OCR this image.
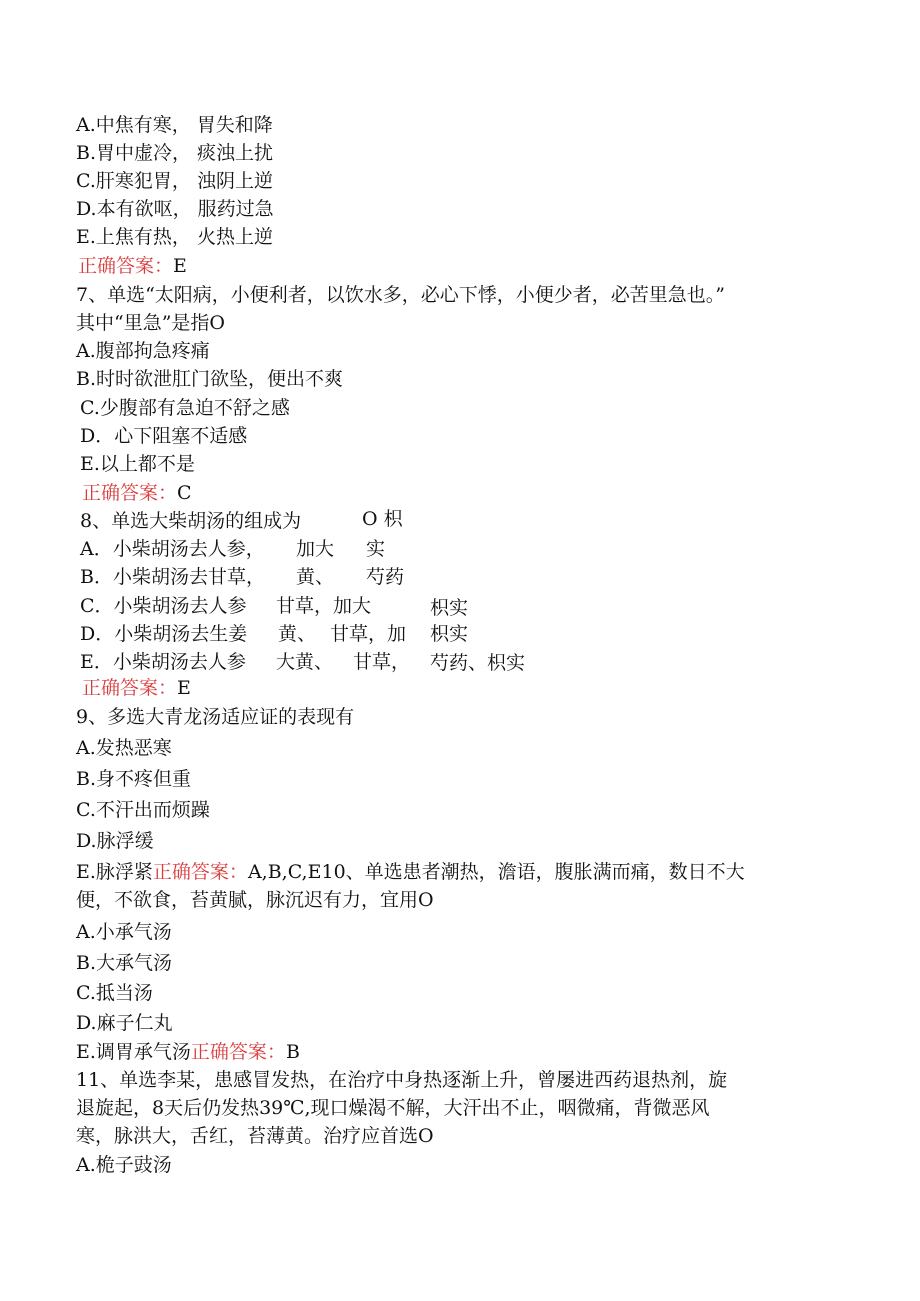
A.中焦有寒， 胃失和降
B.胃中虚冷， 痰浊上扰
C.肝寒犯胃， 浊阴上逆
D.本有欲呕， 服药过急
E.上焦有热， 火热上逆
正确答案：E
7、单选“太阳病，小便利者，以饮水多，必心下悸，小便少者，必苦里急也。”
其中“里急”是指O
A.腹部拘急疼痛
B.时时欲泄肛门欲坠，便出不爽
C.少腹部有急迫不舒之感
D．心下阻塞不适感
E.以上都不是
正确答案：C
8、单选大柴胡汤的组成为	O 枳
A．小柴胡汤去人参， 加大 实
B．小柴胡汤去甘草， 黄、 芍药
C．小柴胡汤去人参 甘草，加大	枳实
D．小柴胡汤去生姜 黄、 甘草，加 枳实
E．小柴胡汤去人参 大黄、 甘草， 芍药、枳实
正确答案：E
9、多选大青龙汤适应证的表现有
A.发热恶寒
B.身不疼但重
C.不汗出而烦躁
D.脉浮缓
E.脉浮紧正确答案：A,B,C,E10、单选患者潮热，澹语，腹胀满而痛，数日不大
便，不欲食，苔黄腻，脉沉迟有力，宜用O
A.小承气汤
B.大承气汤
C.抵当汤
D.麻子仁丸
E.调胃承气汤正确答案：B
11、单选李某，患感冒发热，在治疗中身热逐渐上升，曾屡进西药退热剂，旋
退旋起，8天后仍发热39℃,现口燥渴不解，大汗出不止，咽微痛，背微恶风
寒，脉洪大，舌红，苔薄黄。治疗应首选O
A.桅子豉汤
